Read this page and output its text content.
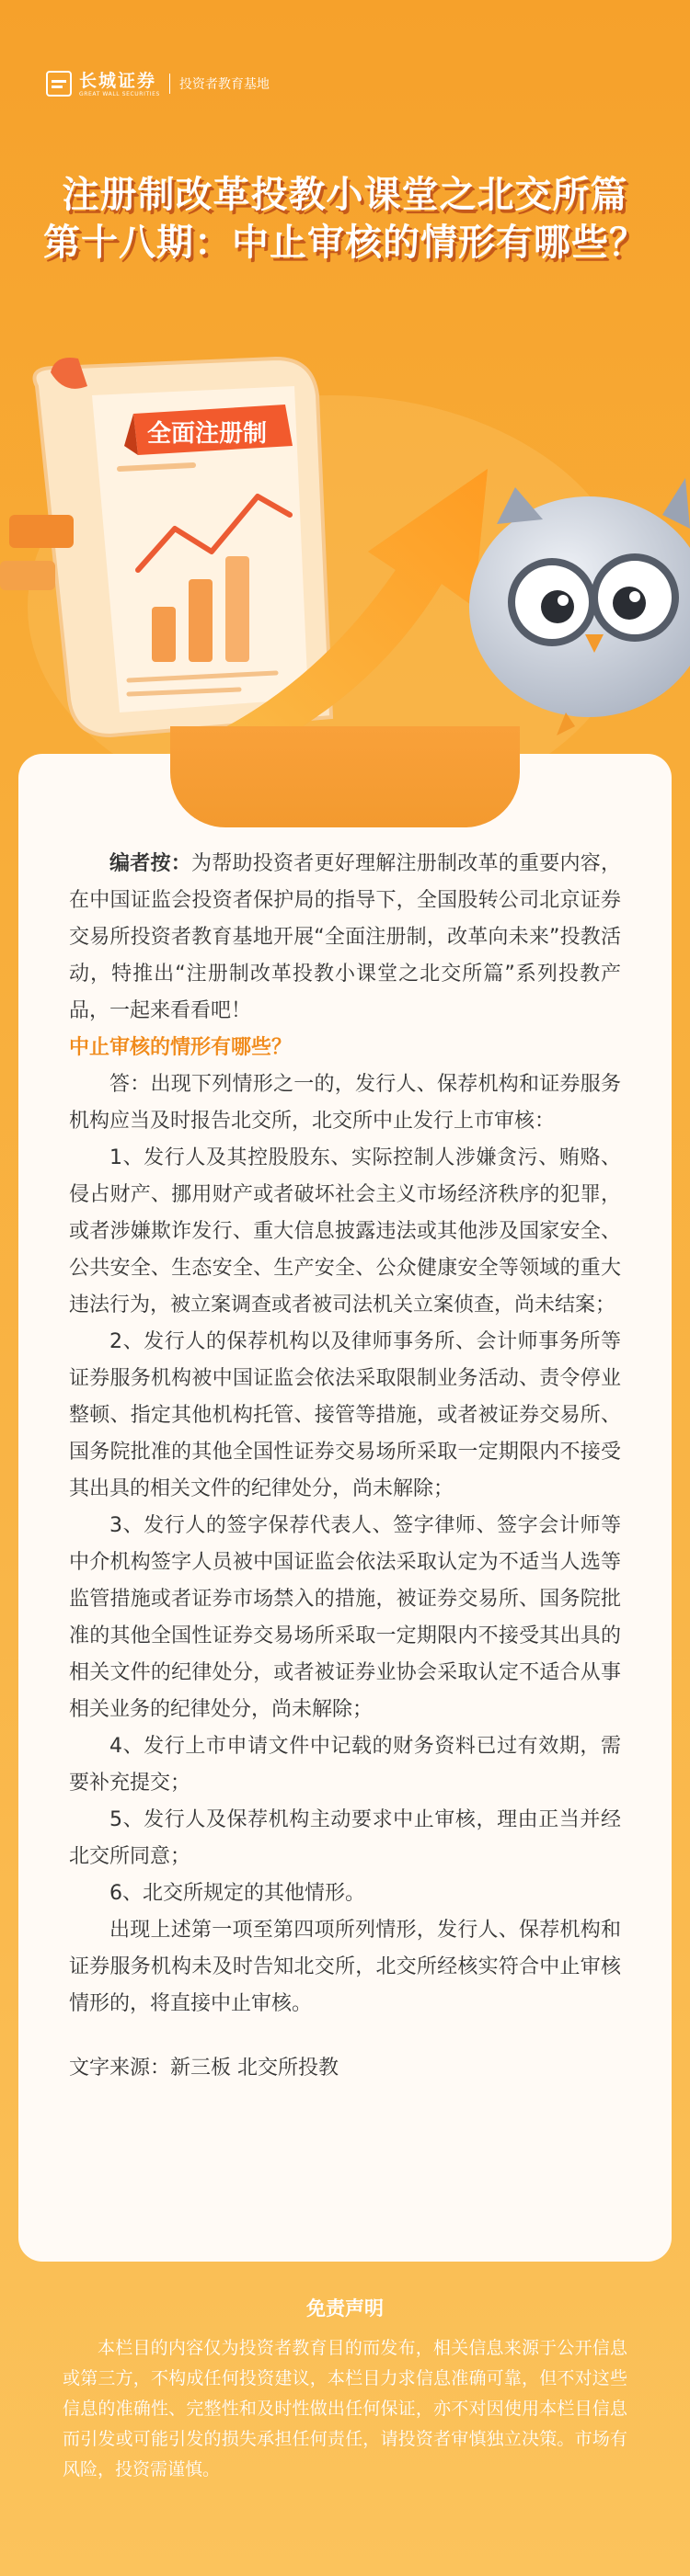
长城证券
GREAT WALL SECURITIES
投资者教育基地
注册制改革投教小课堂之北交所篇
第十八期：中止审核的情形有哪些？
全面注册制

编者按：为帮助投资者更好理解注册制改革的重要内容，在中国证监会投资者保护局的指导下，全国股转公司北京证券交易所投资者教育基地开展“全面注册制，改革向未来”投教活动，特推出“注册制改革投教小课堂之北交所篇”系列投教产品，一起来看看吧！

中止审核的情形有哪些？

答：出现下列情形之一的，发行人、保荐机构和证券服务机构应当及时报告北交所，北交所中止发行上市审核：

1、发行人及其控股股东、实际控制人涉嫌贪污、贿赂、侵占财产、挪用财产或者破坏社会主义市场经济秩序的犯罪，或者涉嫌欺诈发行、重大信息披露违法或其他涉及国家安全、公共安全、生态安全、生产安全、公众健康安全等领域的重大违法行为，被立案调查或者被司法机关立案侦查，尚未结案；

2、发行人的保荐机构以及律师事务所、会计师事务所等证券服务机构被中国证监会依法采取限制业务活动、责令停业整顿、指定其他机构托管、接管等措施，或者被证券交易所、国务院批准的其他全国性证券交易场所采取一定期限内不接受其出具的相关文件的纪律处分，尚未解除；

3、发行人的签字保荐代表人、签字律师、签字会计师等中介机构签字人员被中国证监会依法采取认定为不适当人选等监管措施或者证券市场禁入的措施，被证券交易所、国务院批准的其他全国性证券交易场所采取一定期限内不接受其出具的相关文件的纪律处分，或者被证券业协会采取认定不适合从事相关业务的纪律处分，尚未解除；

4、发行上市申请文件中记载的财务资料已过有效期，需要补充提交；

5、发行人及保荐机构主动要求中止审核，理由正当并经北交所同意；

6、北交所规定的其他情形。

出现上述第一项至第四项所列情形，发行人、保荐机构和证券服务机构未及时告知北交所，北交所经核实符合中止审核情形的，将直接中止审核。

文字来源：新三板 北交所投教

免责声明

本栏目的内容仅为投资者教育目的而发布，相关信息来源于公开信息或第三方，不构成任何投资建议，本栏目力求信息准确可靠，但不对这些信息的准确性、完整性和及时性做出任何保证，亦不对因使用本栏目信息而引发或可能引发的损失承担任何责任，请投资者审慎独立决策。市场有风险，投资需谨慎。
